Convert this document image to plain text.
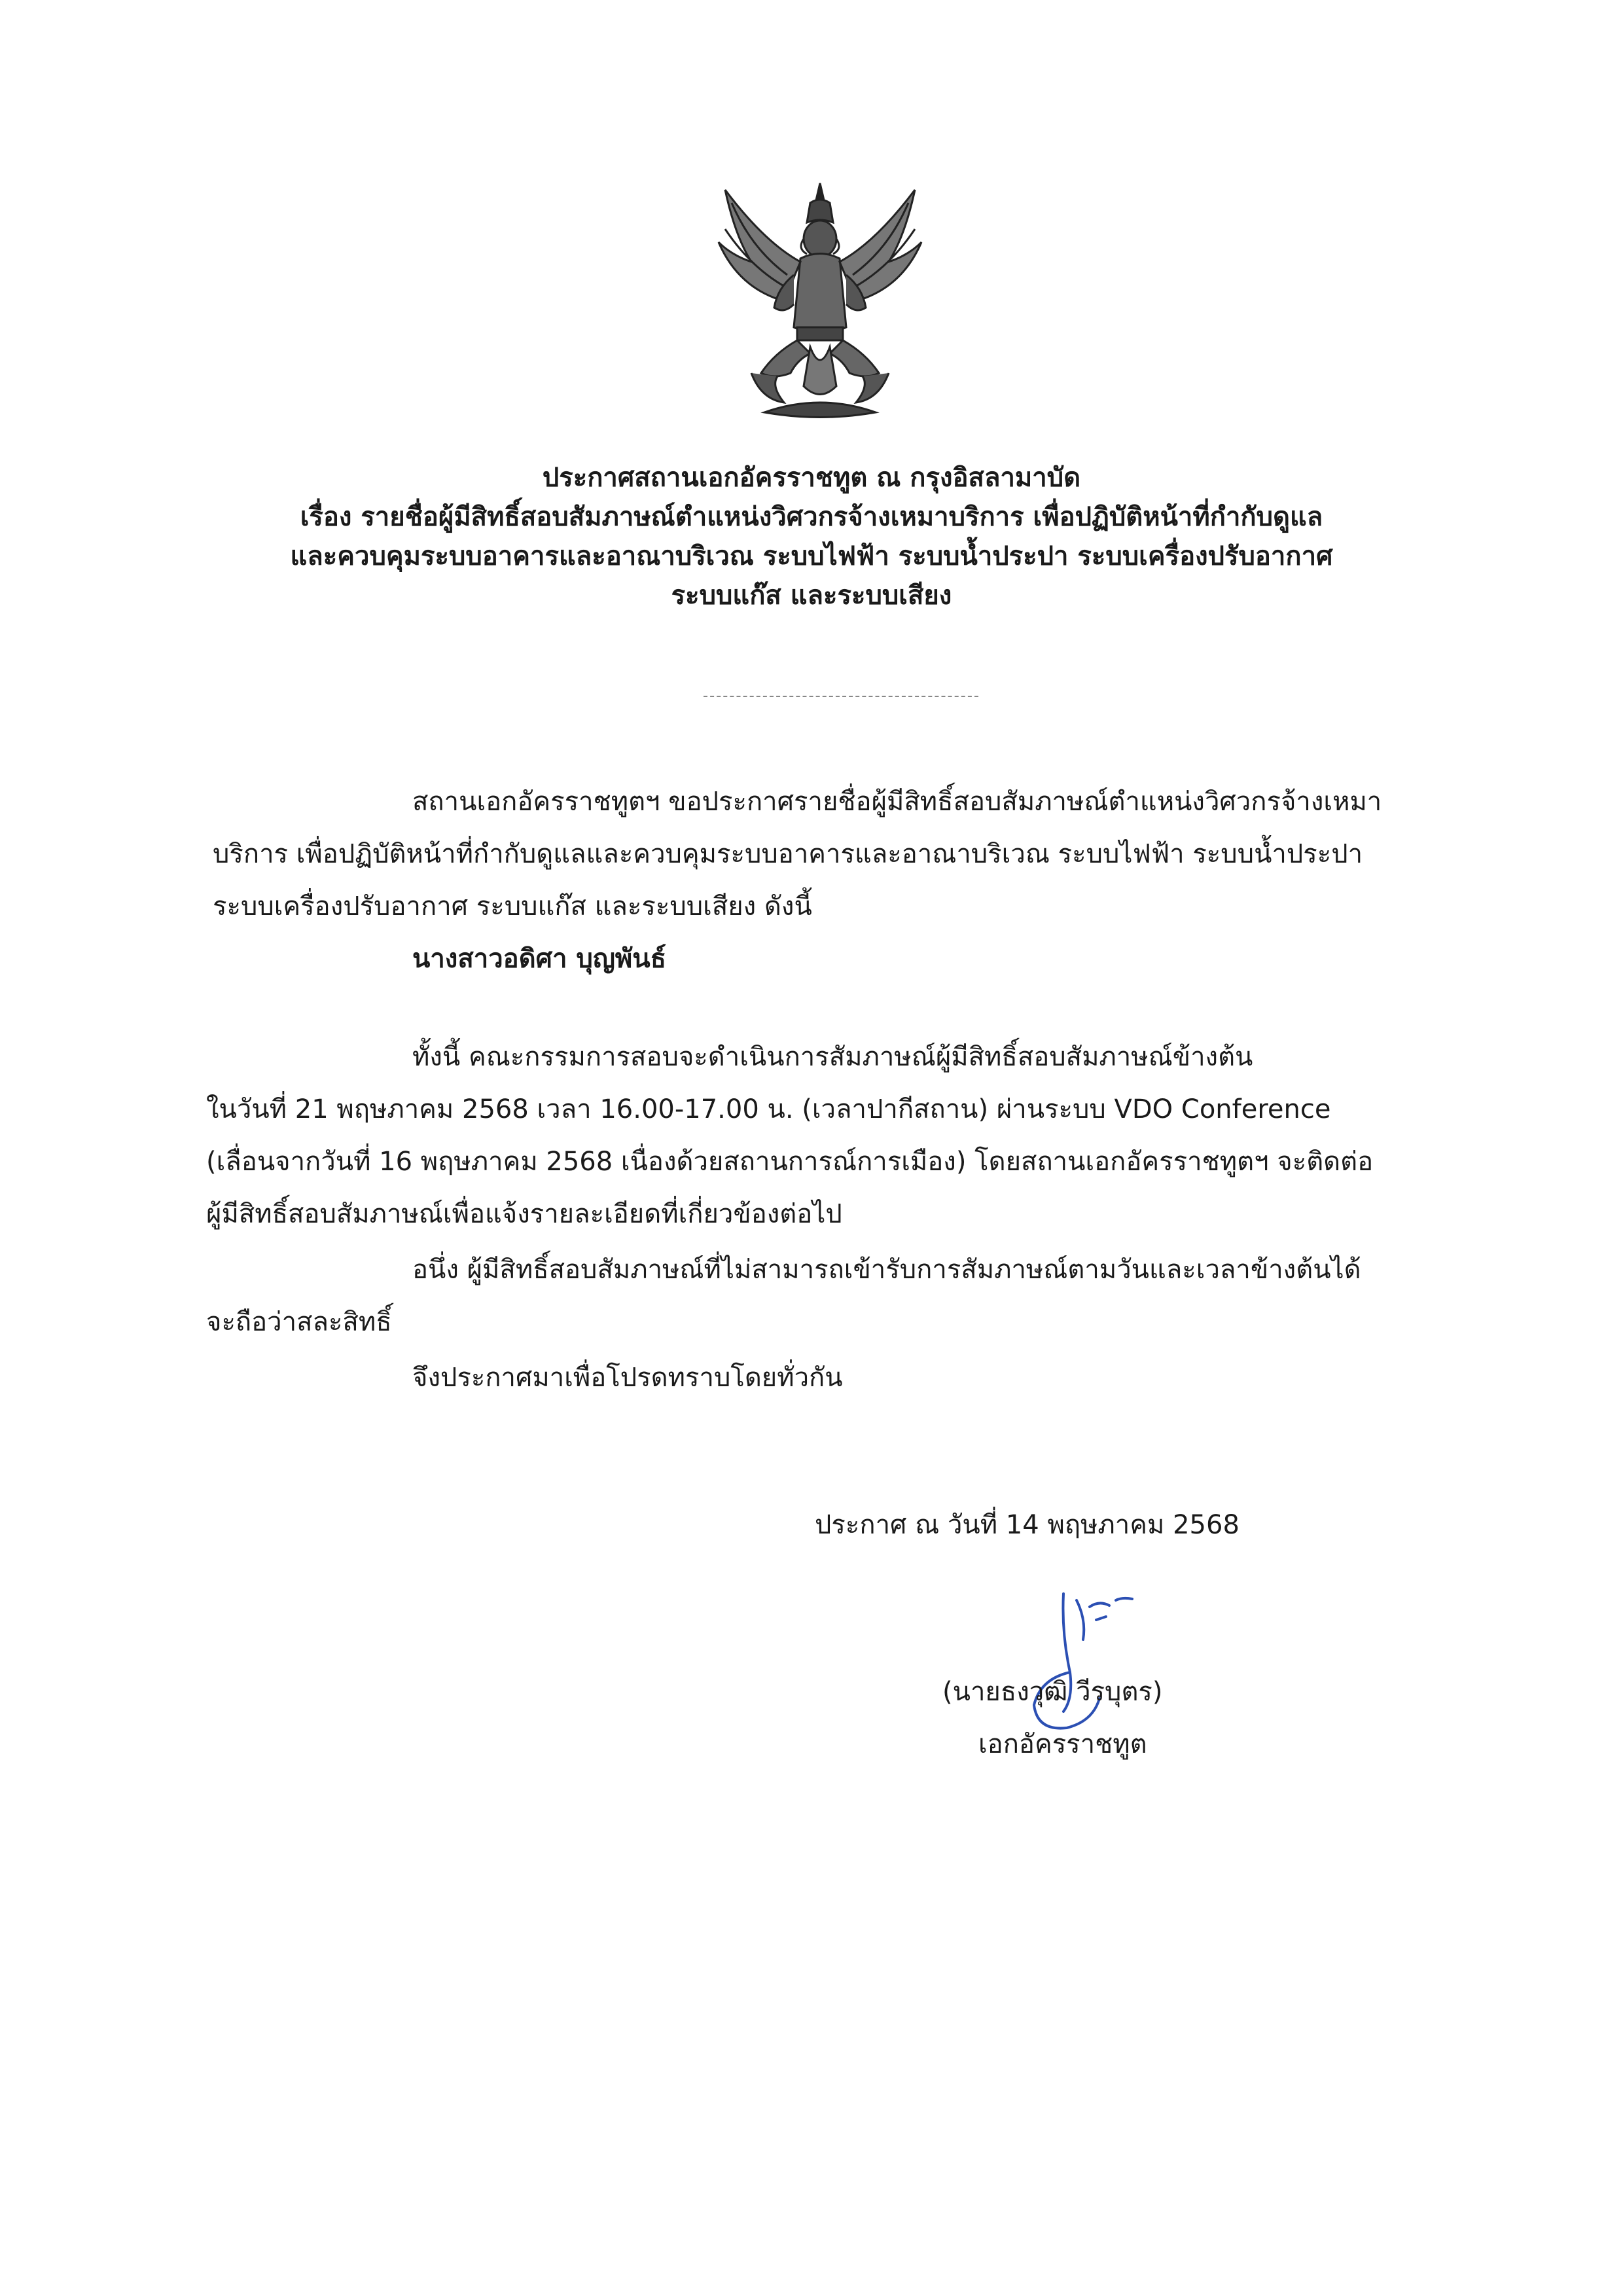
ประกาศสถานเอกอัครราชทูต ณ กรุงอิสลามาบัด
เรื่อง รายชื่อผู้มีสิทธิ์สอบสัมภาษณ์ตำแหน่งวิศวกรจ้างเหมาบริการ เพื่อปฏิบัติหน้าที่กำกับดูแล
และควบคุมระบบอาคารและอาณาบริเวณ ระบบไฟฟ้า ระบบน้ำประปา ระบบเครื่องปรับอากาศ
ระบบแก๊ส และระบบเสียง
สถานเอกอัครราชทูตฯ ขอประกาศรายชื่อผู้มีสิทธิ์สอบสัมภาษณ์ตำแหน่งวิศวกรจ้างเหมา
บริการ เพื่อปฏิบัติหน้าที่กำกับดูแลและควบคุมระบบอาคารและอาณาบริเวณ ระบบไฟฟ้า ระบบน้ำประปา
ระบบเครื่องปรับอากาศ ระบบแก๊ส และระบบเสียง ดังนี้
นางสาวอดิศา บุญพันธ์
ทั้งนี้ คณะกรรมการสอบจะดำเนินการสัมภาษณ์ผู้มีสิทธิ์สอบสัมภาษณ์ข้างต้น
ในวันที่ 21 พฤษภาคม 2568 เวลา 16.00-17.00 น. (เวลาปากีสถาน) ผ่านระบบ VDO Conference
(เลื่อนจากวันที่ 16 พฤษภาคม 2568 เนื่องด้วยสถานการณ์การเมือง) โดยสถานเอกอัครราชทูตฯ จะติดต่อ
ผู้มีสิทธิ์สอบสัมภาษณ์เพื่อแจ้งรายละเอียดที่เกี่ยวข้องต่อไป
อนึ่ง ผู้มีสิทธิ์สอบสัมภาษณ์ที่ไม่สามารถเข้ารับการสัมภาษณ์ตามวันและเวลาข้างต้นได้
จะถือว่าสละสิทธิ์
จึงประกาศมาเพื่อโปรดทราบโดยทั่วกัน
ประกาศ ณ วันที่ 14 พฤษภาคม 2568
(นายธงวุฒิ วีรบุตร)
เอกอัครราชทูต
